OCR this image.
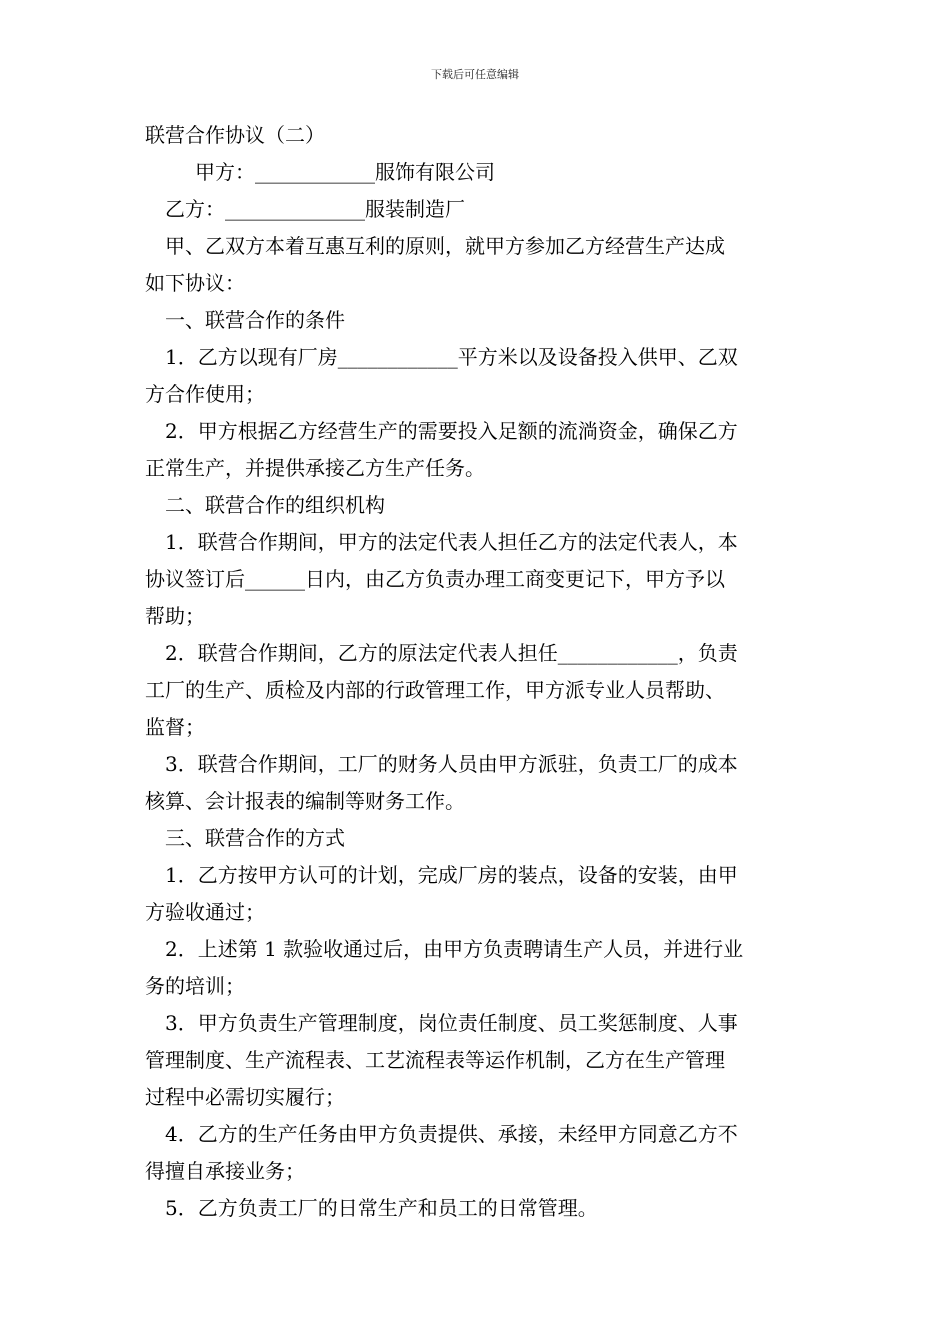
下载后可任意编辑
联营合作协议（二）
甲方：____________服饰有限公司
乙方：______________服装制造厂
甲、乙双方本着互惠互利的原则，就甲方参加乙方经营生产达成
如下协议：
一、联营合作的条件
1．乙方以现有厂房____________平方米以及设备投入供甲、乙双
方合作使用；
2．甲方根据乙方经营生产的需要投入足额的流淌资金，确保乙方
正常生产，并提供承接乙方生产任务。
二、联营合作的组织机构
1．联营合作期间，甲方的法定代表人担任乙方的法定代表人，本
协议签订后______日内，由乙方负责办理工商变更记下，甲方予以
帮助；
2．联营合作期间，乙方的原法定代表人担任____________，负责
工厂的生产、质检及内部的行政管理工作，甲方派专业人员帮助、
监督；
3．联营合作期间，工厂的财务人员由甲方派驻，负责工厂的成本
核算、会计报表的编制等财务工作。
三、联营合作的方式
1．乙方按甲方认可的计划，完成厂房的装点，设备的安装，由甲
方验收通过；
2．上述第 1 款验收通过后，由甲方负责聘请生产人员，并进行业
务的培训；
3．甲方负责生产管理制度，岗位责任制度、员工奖惩制度、人事
管理制度、生产流程表、工艺流程表等运作机制，乙方在生产管理
过程中必需切实履行；
4．乙方的生产任务由甲方负责提供、承接，未经甲方同意乙方不
得擅自承接业务；
5．乙方负责工厂的日常生产和员工的日常管理。
